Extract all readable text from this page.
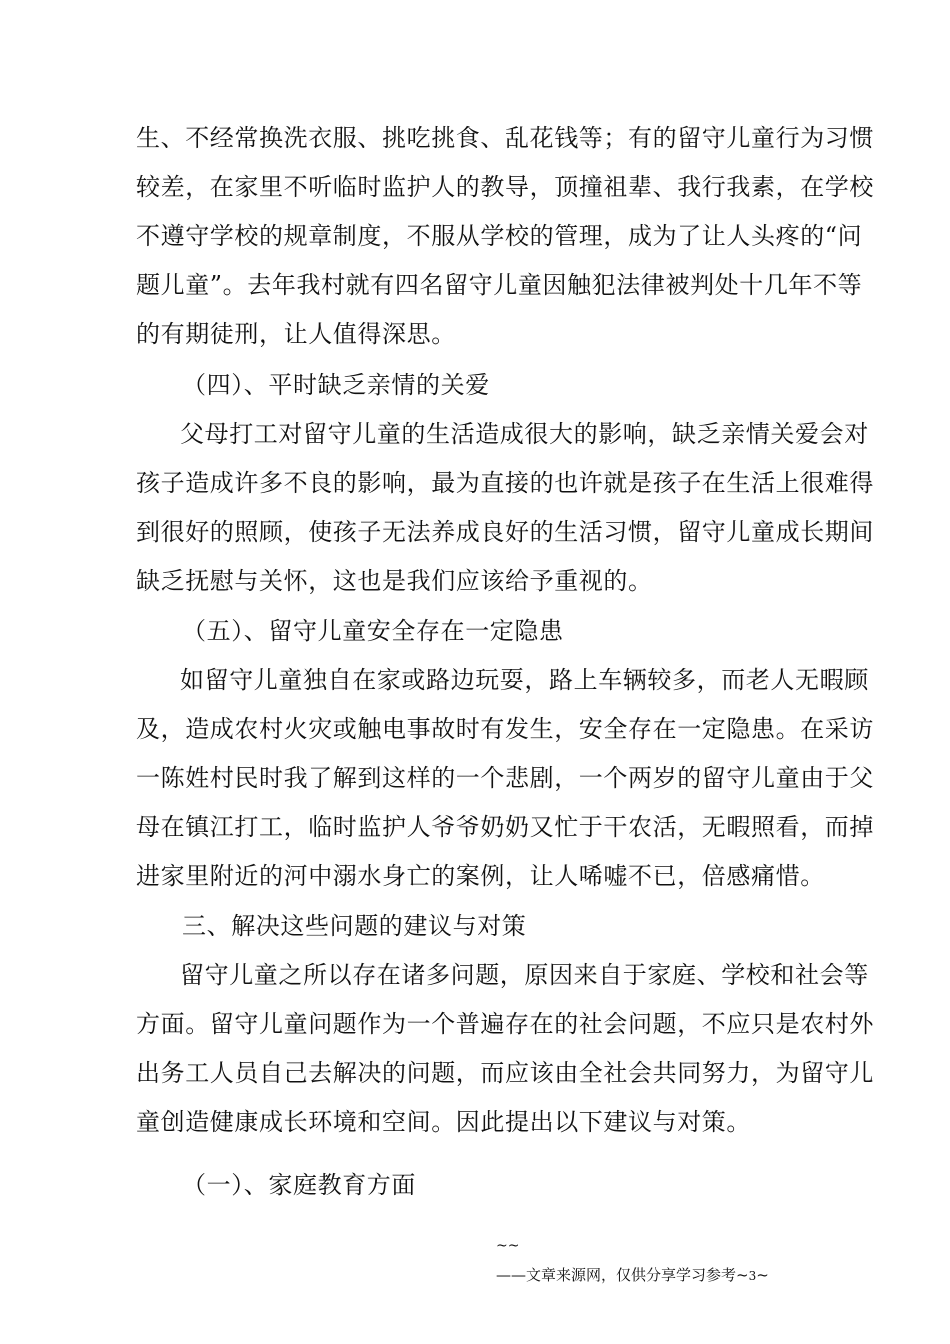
生、不经常换洗衣服、挑吃挑食、乱花钱等；有的留守儿童行为习惯
较差，在家里不听临时监护人的教导，顶撞祖辈、我行我素，在学校
不遵守学校的规章制度，不服从学校的管理，成为了让人头疼的“问
题儿童”。去年我村就有四名留守儿童因触犯法律被判处十几年不等
的有期徒刑，让人值得深思。
（四）、平时缺乏亲情的关爱
父母打工对留守儿童的生活造成很大的影响，缺乏亲情关爱会对
孩子造成许多不良的影响，最为直接的也许就是孩子在生活上很难得
到很好的照顾，使孩子无法养成良好的生活习惯，留守儿童成长期间
缺乏抚慰与关怀，这也是我们应该给予重视的。
（五）、留守儿童安全存在一定隐患
如留守儿童独自在家或路边玩耍，路上车辆较多，而老人无暇顾
及，造成农村火灾或触电事故时有发生，安全存在一定隐患。在采访
一陈姓村民时我了解到这样的一个悲剧，一个两岁的留守儿童由于父
母在镇江打工，临时监护人爷爷奶奶又忙于干农活，无暇照看，而掉
进家里附近的河中溺水身亡的案例，让人唏嘘不已，倍感痛惜。
三、解决这些问题的建议与对策
留守儿童之所以存在诸多问题，原因来自于家庭、学校和社会等
方面。留守儿童问题作为一个普遍存在的社会问题，不应只是农村外
出务工人员自己去解决的问题，而应该由全社会共同努力，为留守儿
童创造健康成长环境和空间。因此提出以下建议与对策。
（一）、家庭教育方面
~~
——文章来源网，仅供分享学习参考~3~
